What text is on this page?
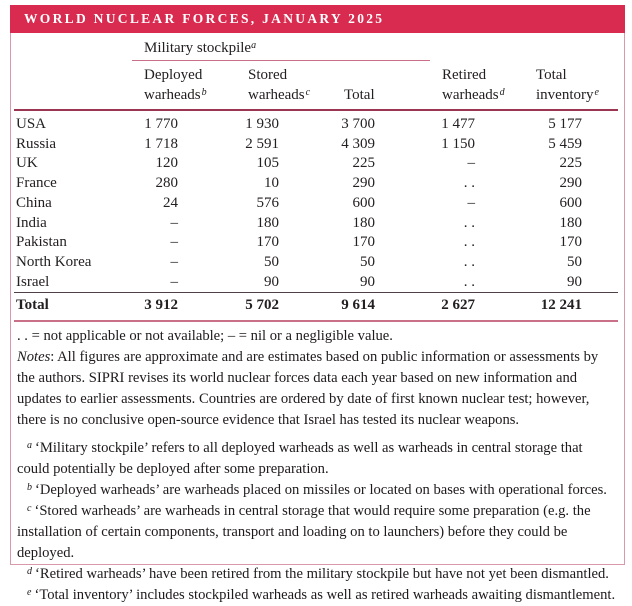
WORLD NUCLEAR FORCES, JANUARY 2025
	Military stockpile$^a$		

	Deployed
warheads$^b$	Stored
warheads$^c$	Total	Retired
warheads$^d$	Total
inventory$^e$

USA	1 770	1 930	3 700	1 477	5 177
Russia	1 718	2 591	4 309	1 150	5 459
UK	120	105	225	–	225
France	280	10	290	. .	290
China	24	576	600	–	600
India	–	180	180	. .	180
Pakistan	–	170	170	. .	170
North Korea	–	50	50	. .	50
Israel	–	90	90	. .	90
Total	3 912	5 702	9 614	2 627	12 241

. . = not applicable or not available; – = nil or a negligible value.

Notes: All figures are approximate and are estimates based on public information or assessments by the authors. SIPRI revises its world nuclear forces data each year based on new information and updates to earlier assessments. Countries are ordered by date of first known nuclear test; however, there is no conclusive open-source evidence that Israel has tested its nuclear weapons.

$^a$ ‘Military stockpile’ refers to all deployed warheads as well as warheads in central storage that could potentially be deployed after some preparation.

$^b$ ‘Deployed warheads’ are warheads placed on missiles or located on bases with operational forces.

$^c$ ‘Stored warheads’ are warheads in central storage that would require some preparation (e.g. the installation of certain components, transport and loading on to launchers) before they could be deployed.

$^d$ ‘Retired warheads’ have been retired from the military stockpile but have not yet been dismantled.

$^e$ ‘Total inventory’ includes stockpiled warheads as well as retired warheads awaiting dismantlement.
